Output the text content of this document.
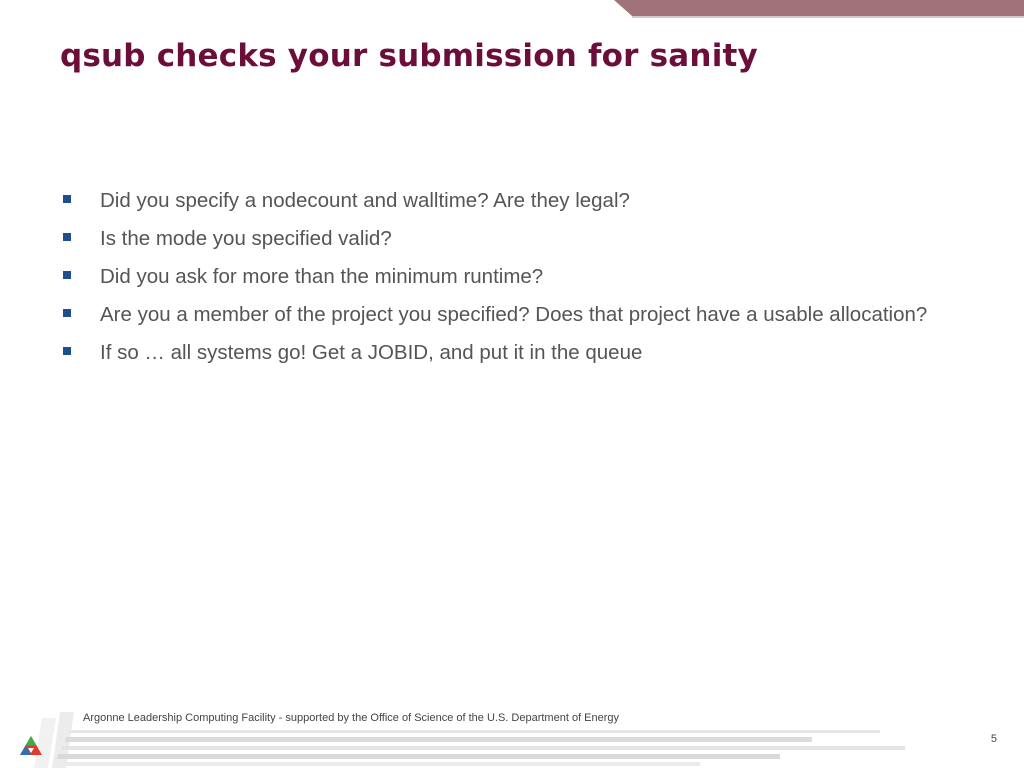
qsub checks your submission for sanity
Did you specify a nodecount and walltime? Are they legal?
Is the mode you specified valid?
Did you ask for more than the minimum runtime?
Are you a member of the project you specified? Does that project have a usable allocation?
If so … all systems go! Get a JOBID, and put it in the queue
Argonne Leadership Computing Facility - supported by the Office of Science of the U.S. Department of Energy
5
